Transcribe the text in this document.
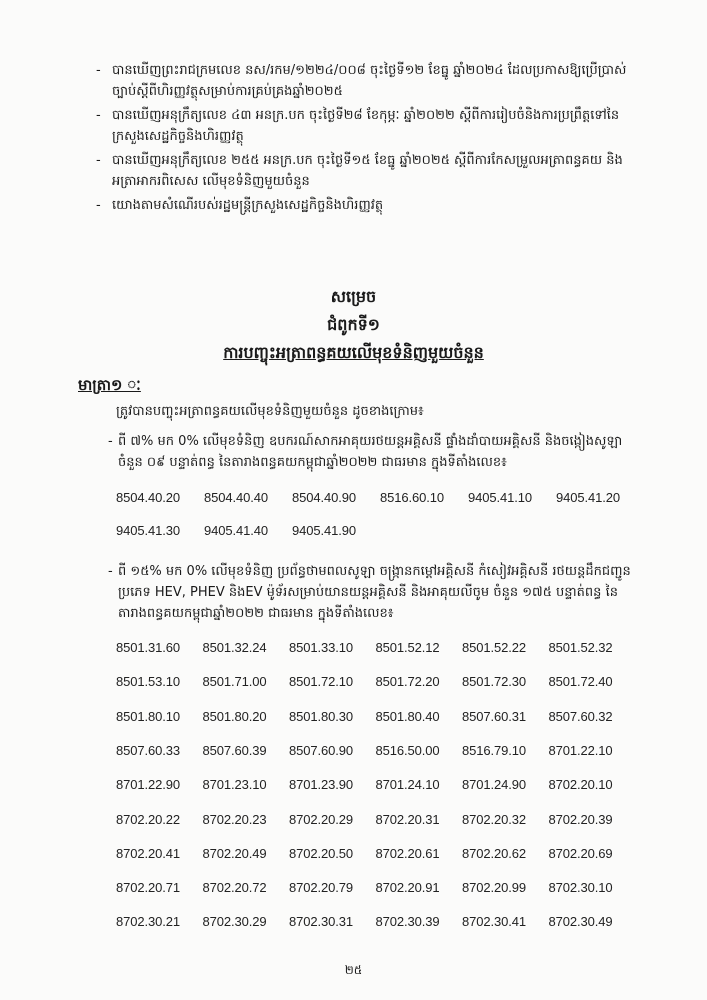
- បានឃើញព្រះរាជក្រមលេខ នស/រកម/១២២៤/០០៨ ចុះថ្ងៃទី១២ ខែធ្នូ ឆ្នាំ២០២៤ ដែលប្រកាសឱ្យប្រើប្រាស់ច្បាប់ស្ដីពីហិរញ្ញវត្ថុសម្រាប់ការគ្រប់គ្រងឆ្នាំ២០២៥
- បានឃើញអនុក្រឹត្យលេខ ៤៣ អនក្រ.បក ចុះថ្ងៃទី២៨ ខែកុម្ភៈ ឆ្នាំ២០២២ ស្ដីពីការរៀបចំនិងការប្រព្រឹត្តទៅនៃក្រសួងសេដ្ឋកិច្ចនិងហិរញ្ញវត្ថុ
- បានឃើញអនុក្រឹត្យលេខ ២៥៥ អនក្រ.បក ចុះថ្ងៃទី១៥ ខែធ្នូ ឆ្នាំ២០២៥ ស្ដីពីការកែសម្រួលអត្រាពន្ធគយ និងអត្រាអាករពិសេស លើមុខទំនិញមួយចំនួន
- យោងតាមសំណើរបស់រដ្ឋមន្ត្រីក្រសួងសេដ្ឋកិច្ចនិងហិរញ្ញវត្ថុ
សម្រេច
ជំពូកទី១
ការបញ្ចុះអត្រាពន្ធគយលើមុខទំនិញមួយចំនួន
មាត្រា១ ៈ
ត្រូវបានបញ្ចុះអត្រាពន្ធគយលើមុខទំនិញមួយចំនួន ដូចខាងក្រោម៖
- ពី ៧% មក 0% លើមុខទំនិញ ឧបករណ៍សាកអាគុយរថយន្តអគ្គិសនី ផ្ទាំងដាំបាយអគ្គិសនី និងចង្កៀងសូឡា ចំនួន ០៩ បន្ទាត់ពន្ធ នៃតារាងពន្ធគយកម្ពុជាឆ្នាំ២០២២ ជាធរមាន ក្នុងទីតាំងលេខ៖
8504.40.20 8504.40.40 8504.40.90 8516.60.10 9405.41.10 9405.41.20
9405.41.30 9405.41.40 9405.41.90
- ពី ១៥% មក 0% លើមុខទំនិញ ប្រព័ន្ធថាមពលសូឡា ចង្ក្រានកម្ដៅអគ្គិសនី កំសៀវអគ្គិសនី រថយន្តដឹកជញ្ជូនប្រភេទ HEV, PHEV និងEV ម៉ូទ័រសម្រាប់យានយន្តអគ្គិសនី និងអាគុយលីចូម ចំនួន ១៧៥ បន្ទាត់ពន្ធ នៃតារាងពន្ធគយកម្ពុជាឆ្នាំ២០២២ ជាធរមាន ក្នុងទីតាំងលេខ៖
8501.31.60 8501.32.24 8501.33.10 8501.52.12 8501.52.22 8501.52.32
8501.53.10 8501.71.00 8501.72.10 8501.72.20 8501.72.30 8501.72.40
8501.80.10 8501.80.20 8501.80.30 8501.80.40 8507.60.31 8507.60.32
8507.60.33 8507.60.39 8507.60.90 8516.50.00 8516.79.10 8701.22.10
8701.22.90 8701.23.10 8701.23.90 8701.24.10 8701.24.90 8702.20.10
8702.20.22 8702.20.23 8702.20.29 8702.20.31 8702.20.32 8702.20.39
8702.20.41 8702.20.49 8702.20.50 8702.20.61 8702.20.62 8702.20.69
8702.20.71 8702.20.72 8702.20.79 8702.20.91 8702.20.99 8702.30.10
8702.30.21 8702.30.29 8702.30.31 8702.30.39 8702.30.41 8702.30.49
២៥
